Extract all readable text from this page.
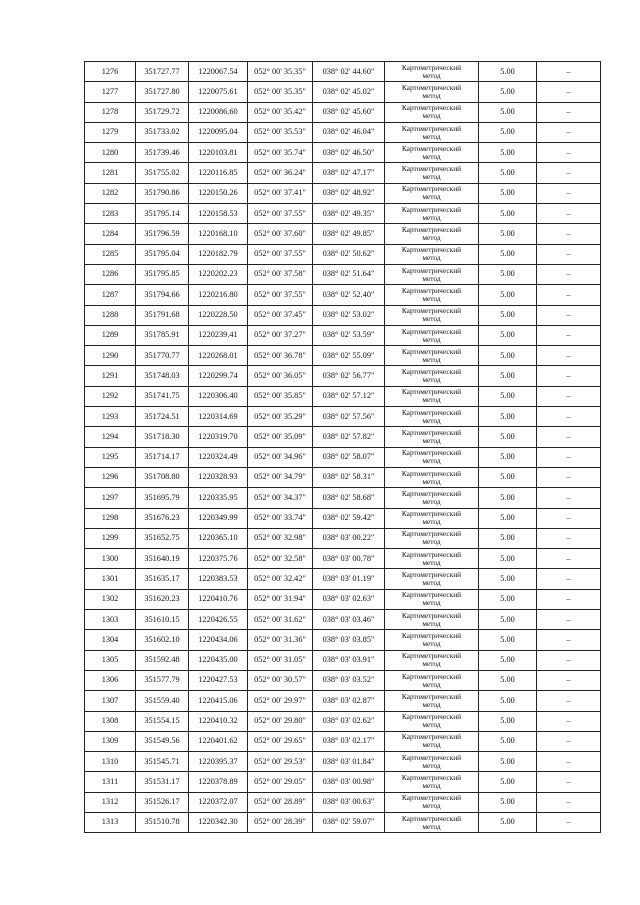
1276	351727.77	1220067.54	052° 00' 35.35"	038° 02' 44.60"	Картометрический
метод	5.00	–
1277	351727.80	1220075.61	052° 00' 35.35"	038° 02' 45.02"	Картометрический
метод	5.00	–
1278	351729.72	1220086.60	052° 00' 35.42"	038° 02' 45.60"	Картометрический
метод	5.00	–
1279	351733.02	1220095.04	052° 00' 35.53"	038° 02' 46.04"	Картометрический
метод	5.00	–
1280	351739.46	1220103.81	052° 00' 35.74"	038° 02' 46.50"	Картометрический
метод	5.00	–
1281	351755.02	1220116.85	052° 00' 36.24"	038° 02' 47.17"	Картометрический
метод	5.00	–
1282	351790.86	1220150.26	052° 00' 37.41"	038° 02' 48.92"	Картометрический
метод	5.00	–
1283	351795.14	1220158.53	052° 00' 37.55"	038° 02' 49.35"	Картометрический
метод	5.00	–
1284	351796.59	1220168.10	052° 00' 37.60"	038° 02' 49.85"	Картометрический
метод	5.00	–
1285	351795.04	1220182.79	052° 00' 37.55"	038° 02' 50.62"	Картометрический
метод	5.00	–
1286	351795.85	1220202.23	052° 00' 37.58"	038° 02' 51.64"	Картометрический
метод	5.00	–
1287	351794.66	1220216.80	052° 00' 37.55"	038° 02' 52.40"	Картометрический
метод	5.00	–
1288	351791.68	1220228.50	052° 00' 37.45"	038° 02' 53.02"	Картометрический
метод	5.00	–
1289	351785.91	1220239.41	052° 00' 37.27"	038° 02' 53.59"	Картометрический
метод	5.00	–
1290	351770.77	1220268.01	052° 00' 36.78"	038° 02' 55.09"	Картометрический
метод	5.00	–
1291	351748.03	1220299.74	052° 00' 36.05"	038° 02' 56.77"	Картометрический
метод	5.00	–
1292	351741.75	1220306.40	052° 00' 35.85"	038° 02' 57.12"	Картометрический
метод	5.00	–
1293	351724.51	1220314.69	052° 00' 35.29"	038° 02' 57.56"	Картометрический
метод	5.00	–
1294	351718.30	1220319.70	052° 00' 35.09"	038° 02' 57.82"	Картометрический
метод	5.00	–
1295	351714.17	1220324.49	052° 00' 34.96"	038° 02' 58.07"	Картометрический
метод	5.00	–
1296	351708.80	1220328.93	052° 00' 34.79"	038° 02' 58.31"	Картометрический
метод	5.00	–
1297	351695.79	1220335.95	052° 00' 34.37"	038° 02' 58.68"	Картометрический
метод	5.00	–
1298	351676.23	1220349.99	052° 00' 33.74"	038° 02' 59.42"	Картометрический
метод	5.00	–
1299	351652.75	1220365.10	052° 00' 32.98"	038° 03' 00.22"	Картометрический
метод	5.00	–
1300	351640.19	1220375.76	052° 00' 32.58"	038° 03' 00.78"	Картометрический
метод	5.00	–
1301	351635.17	1220383.53	052° 00' 32.42"	038° 03' 01.19"	Картометрический
метод	5.00	–
1302	351620.23	1220410.76	052° 00' 31.94"	038° 03' 02.63"	Картометрический
метод	5.00	–
1303	351610.15	1220426.55	052° 00' 31.62"	038° 03' 03.46"	Картометрический
метод	5.00	–
1304	351602.10	1220434.06	052° 00' 31.36"	038° 03' 03.85"	Картометрический
метод	5.00	–
1305	351592.48	1220435.00	052° 00' 31.05"	038° 03' 03.91"	Картометрический
метод	5.00	–
1306	351577.79	1220427.53	052° 00' 30.57"	038° 03' 03.52"	Картометрический
метод	5.00	–
1307	351559.40	1220415.06	052° 00' 29.97"	038° 03' 02.87"	Картометрический
метод	5.00	–
1308	351554.15	1220410.32	052° 00' 29.80"	038° 03' 02.62"	Картометрический
метод	5.00	–
1309	351549.56	1220401.62	052° 00' 29.65"	038° 03' 02.17"	Картометрический
метод	5.00	–
1310	351545.71	1220395.37	052° 00' 29.53"	038° 03' 01.84"	Картометрический
метод	5.00	–
1311	351531.17	1220378.89	052° 00' 29.05"	038° 03' 00.98"	Картометрический
метод	5.00	–
1312	351526.17	1220372.07	052° 00' 28.89"	038° 03' 00.63"	Картометрический
метод	5.00	–
1313	351510.78	1220342.30	052° 00' 28.39"	038° 02' 59.07"	Картометрический
метод	5.00	–
